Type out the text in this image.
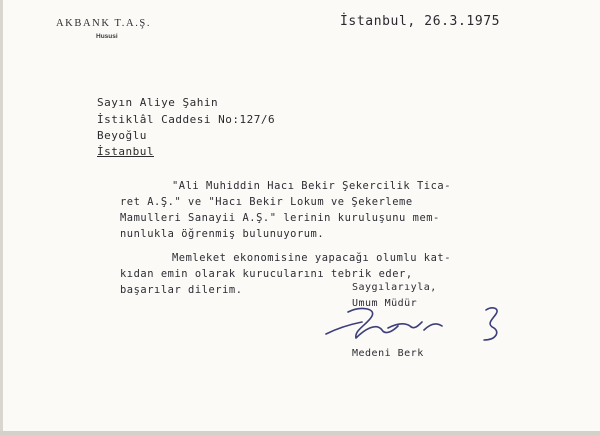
AKBANK T.A.Ş.
Hususi
İstanbul, 26.3.1975
Sayın Aliye Şahin
İstiklâl Caddesi No:127/6
Beyoğlu
İstanbul
"Ali Muhiddin Hacı Bekir Şekercilik Tica-
ret A.Ş." ve "Hacı Bekir Lokum ve Şekerleme
Mamulleri Sanayii A.Ş." lerinin kuruluşunu mem-
nunlukla öğrenmiş bulunuyorum.
Memleket ekonomisine yapacağı olumlu kat-
kıdan emin olarak kurucularını tebrik eder,
başarılar dilerim.	Saygılarıyla,
Umum Müdür
Medeni Berk
